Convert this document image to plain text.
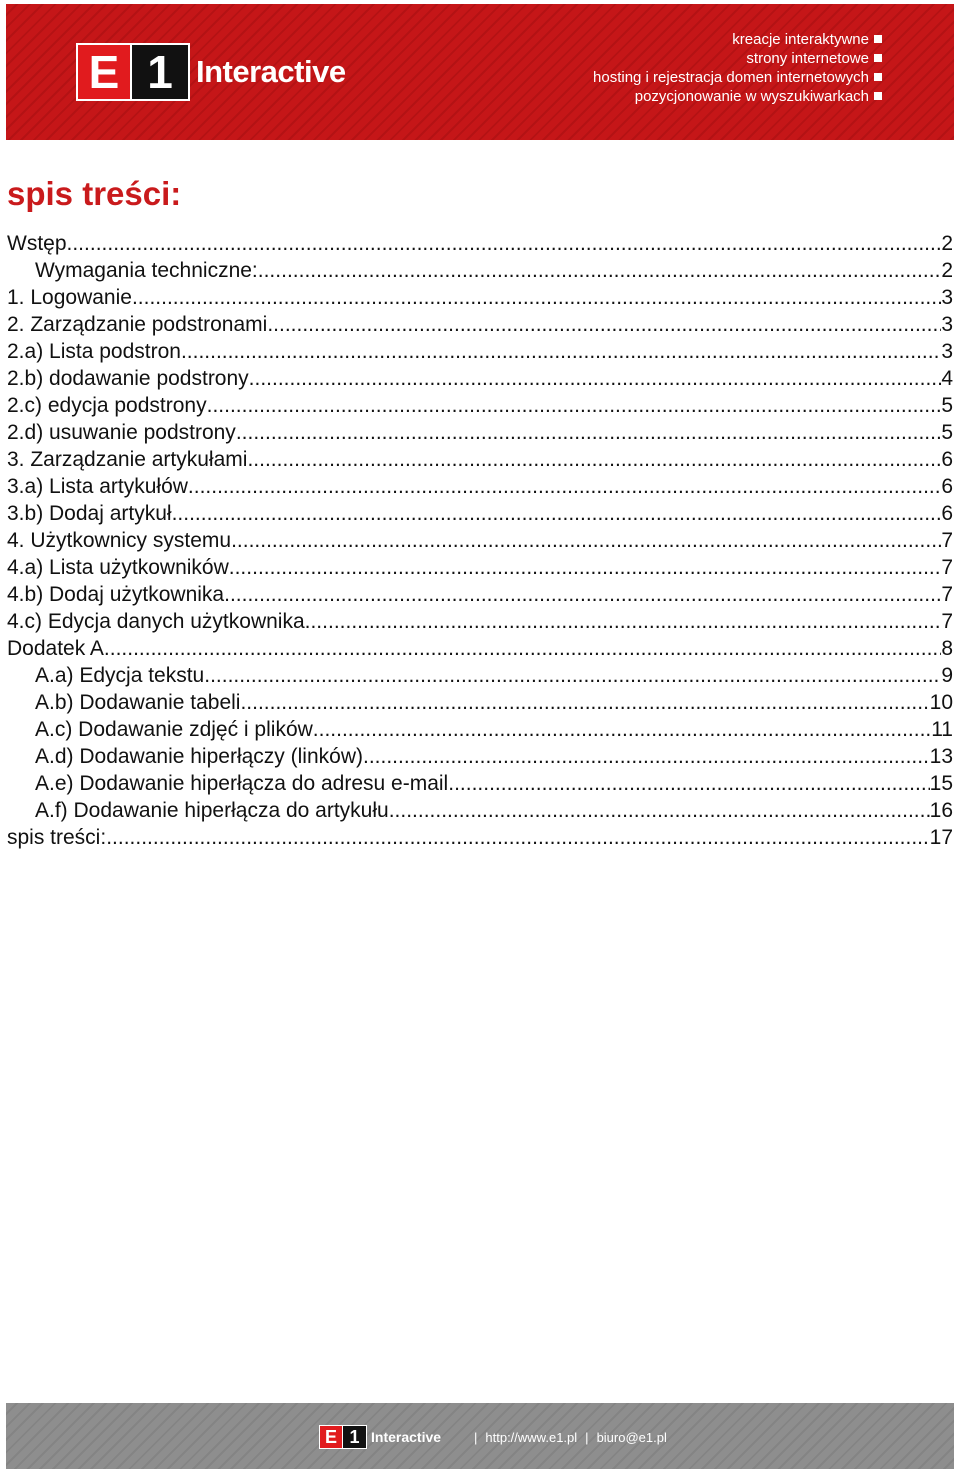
E 1 Interactive
kreacje interaktywne
strony internetowe
hosting i rejestracja domen internetowych
pozycjonowanie w wyszukiwarkach
spis treści:
Wstęp .....	2
Wymagania techniczne: .....	2
1. Logowanie .....	3
2. Zarządzanie podstronami .....	3
2.a) Lista podstron .....	3
2.b) dodawanie podstrony .....	4
2.c) edycja podstrony .....	5
2.d) usuwanie podstrony .....	5
3. Zarządzanie artykułami .....	6
3.a) Lista artykułów .....	6
3.b) Dodaj artykuł .....	6
4. Użytkownicy systemu .....	7
4.a) Lista użytkowników .....	7
4.b) Dodaj użytkownika .....	7
4.c) Edycja danych użytkownika .....	7
Dodatek A .....	8
A.a) Edycja tekstu .....	9
A.b) Dodawanie tabeli .....	10
A.c) Dodawanie zdjęć i plików .....	11
A.d) Dodawanie hiperłączy (linków) .....	13
A.e) Dodawanie hiperłącza do adresu e-mail .....	15
A.f) Dodawanie hiperłącza do artykułu .....	16
spis treści: .....	17
E 1 Interactive	| http://www.e1.pl | biuro@e1.pl
